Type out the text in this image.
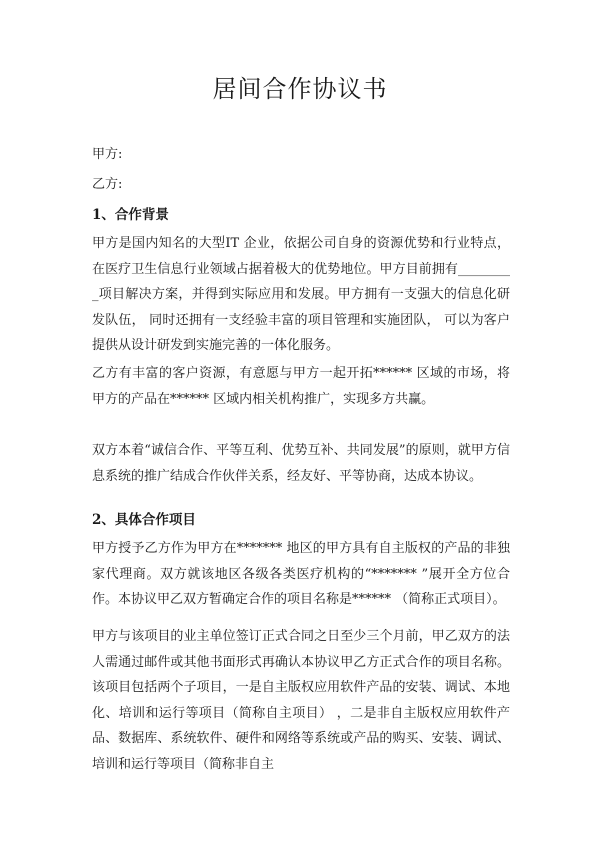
居间合作协议书
甲方:
乙方:
1、合作背景
甲方是国内知名的大型IT 企业，依据公司自身的资源优势和行业特点，在医疗卫生信息行业领域占据着极大的优势地位。甲方目前拥有_________项目解决方案，并得到实际应用和发展。甲方拥有一支强大的信息化研发队伍， 同时还拥有一支经验丰富的项目管理和实施团队， 可以为客户提供从设计研发到实施完善的一体化服务。
乙方有丰富的客户资源，有意愿与甲方一起开拓****** 区域的市场，将甲方的产品在****** 区域内相关机构推广，实现多方共赢。
双方本着“诚信合作、平等互利、优势互补、共同发展”的原则，就甲方信息系统的推广结成合作伙伴关系，经友好、平等协商，达成本协议。
2、具体合作项目
甲方授予乙方作为甲方在******* 地区的甲方具有自主版权的产品的非独家代理商。双方就该地区各级各类医疗机构的“******* ”展开全方位合作。本协议甲乙双方暂确定合作的项目名称是****** （简称正式项目）。
甲方与该项目的业主单位签订正式合同之日至少三个月前，甲乙双方的法人需通过邮件或其他书面形式再确认本协议甲乙方正式合作的项目名称。该项目包括两个子项目，一是自主版权应用软件产品的安装、调试、本地化、培训和运行等项目（简称自主项目） ，二是非自主版权应用软件产品、数据库、系统软件、硬件和网络等系统或产品的购买、安装、调试、培训和运行等项目（简称非自主
